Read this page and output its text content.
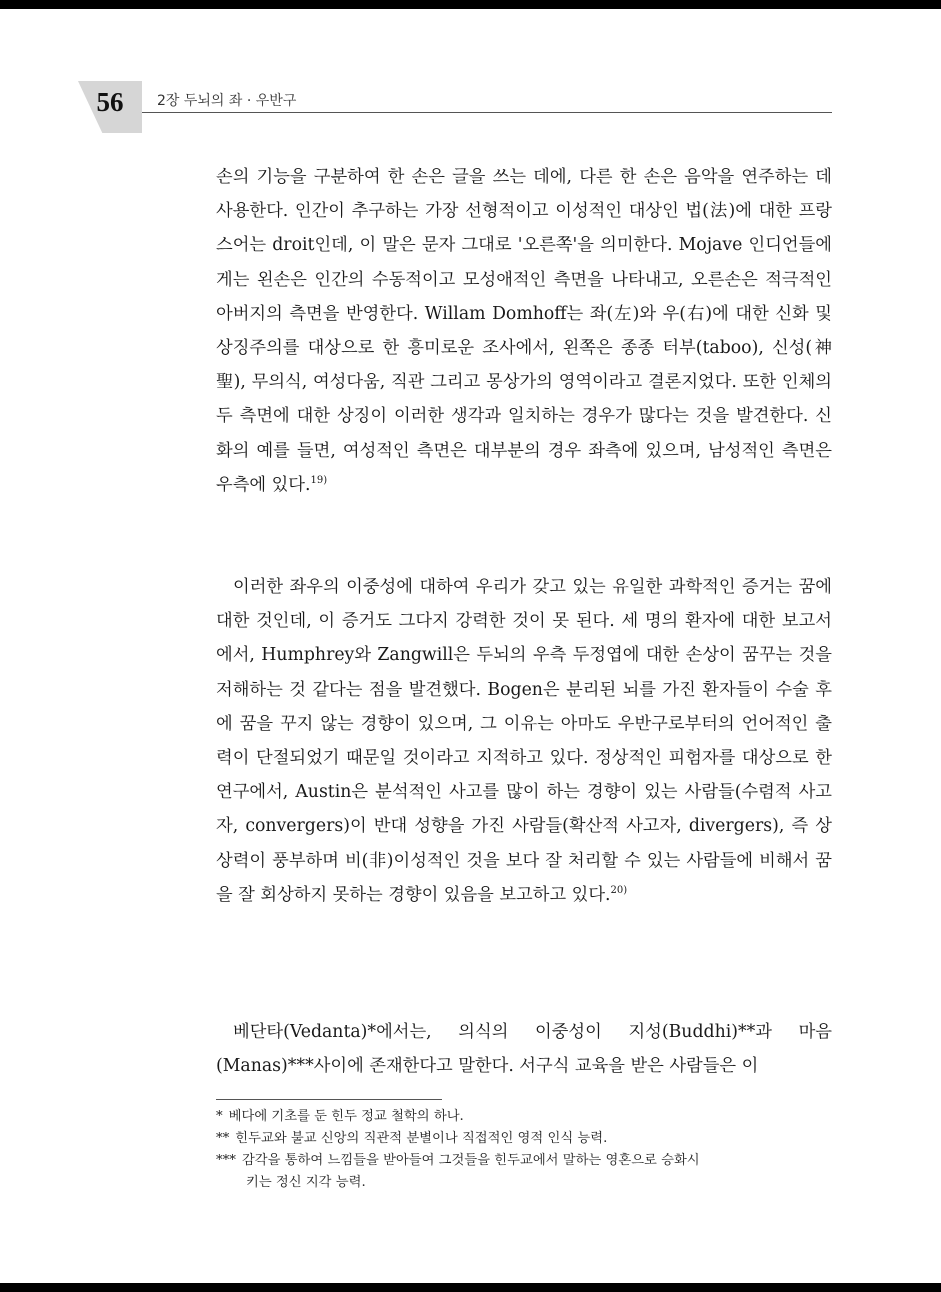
56	2장 두뇌의 좌 · 우반구

손의 기능을 구분하여 한 손은 글을 쓰는 데에, 다른 한 손은 음악을 연주하는 데 사용한다. 인간이 추구하는 가장 선형적이고 이성적인 대상인 법(法)에 대한 프랑스어는 droit인데, 이 말은 문자 그대로 '오른쪽'을 의미한다. Mojave 인디언들에게는 왼손은 인간의 수동적이고 모성애적인 측면을 나타내고, 오른손은 적극적인 아버지의 측면을 반영한다. Willam Domhoff는 좌(左)와 우(右)에 대한 신화 및 상징주의를 대상으로 한 흥미로운 조사에서, 왼쪽은 종종 터부(taboo), 신성(神聖), 무의식, 여성다움, 직관 그리고 몽상가의 영역이라고 결론지었다. 또한 인체의 두 측면에 대한 상징이 이러한 생각과 일치하는 경우가 많다는 것을 발견한다. 신화의 예를 들면, 여성적인 측면은 대부분의 경우 좌측에 있으며, 남성적인 측면은 우측에 있다.$^{19)}$

이러한 좌우의 이중성에 대하여 우리가 갖고 있는 유일한 과학적인 증거는 꿈에 대한 것인데, 이 증거도 그다지 강력한 것이 못 된다. 세 명의 환자에 대한 보고서에서, Humphrey와 Zangwill은 두뇌의 우측 두정엽에 대한 손상이 꿈꾸는 것을 저해하는 것 같다는 점을 발견했다. Bogen은 분리된 뇌를 가진 환자들이 수술 후에 꿈을 꾸지 않는 경향이 있으며, 그 이유는 아마도 우반구로부터의 언어적인 출력이 단절되었기 때문일 것이라고 지적하고 있다. 정상적인 피험자를 대상으로 한 연구에서, Austin은 분석적인 사고를 많이 하는 경향이 있는 사람들(수렴적 사고자, convergers)이 반대 성향을 가진 사람들(확산적 사고자, divergers), 즉 상상력이 풍부하며 비(非)이성적인 것을 보다 잘 처리할 수 있는 사람들에 비해서 꿈을 잘 회상하지 못하는 경향이 있음을 보고하고 있다.$^{20)}$

베단타(Vedanta)*에서는, 의식의 이중성이 지성(Buddhi)**과 마음(Manas)***사이에 존재한다고 말한다. 서구식 교육을 받은 사람들은 이

* 베다에 기초를 둔 힌두 정교 철학의 하나.
** 힌두교와 불교 신앙의 직관적 분별이나 직접적인 영적 인식 능력.
*** 감각을 통하여 느낌들을 받아들여 그것들을 힌두교에서 말하는 영혼으로 승화시
키는 정신 지각 능력.
